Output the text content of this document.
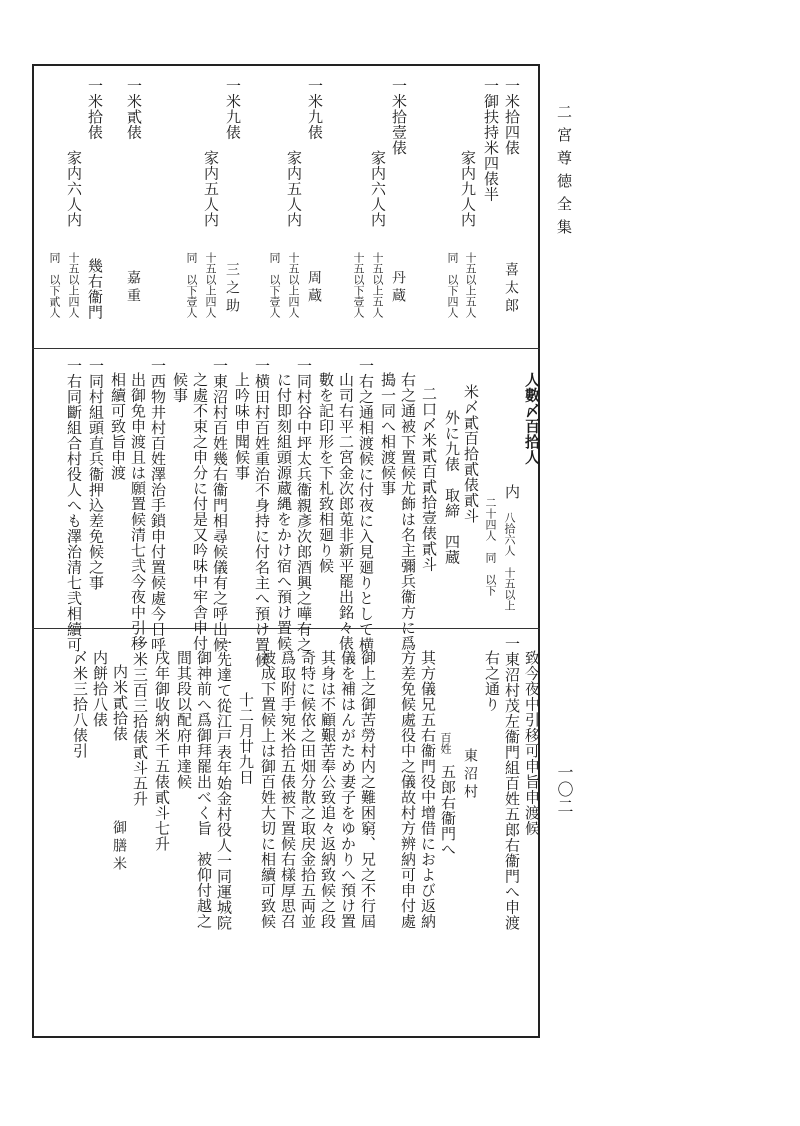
二宮尊徳全集
一〇二
一米拾四俵
一御扶持米四俵半
家内九人内
喜太郎
十五以上五人
同　以下四人
一米拾壹俵
家内六人内
丹蔵
十五以上五人
十五以下壹人
一米九俵
家内五人内
周蔵
十五以上四人
同　以下壹人
一米九俵
家内五人内
三之助
十五以上四人
同　以下壹人
一米貳俵
嘉重
一米拾俵
家内六人内
幾右衞門
十五以上四人
同　以下貳人
人數〆百拾人
内
八拾六人　十五以上
二十四人　同　以下
米〆貳百拾貳俵貳斗
外に九俵　取締　四蔵
二口〆米貳百貳拾壹俵貳斗
右之通被下置候尤飾は名主彌兵衞方に爲
搗一同へ相渡候事
一右之通相渡候に付夜に入見廻りとして横
山司右平二宮金次郎莵非新平罷出銘々俵
數を記印形を下札致相廻り候
一同村谷中坪太兵衞親彥次郎酒興之嘩有之
に付即刻組頭源蔵縄をかけ宿へ預け置候
一横田村百姓重治不身持に付名主へ預け置候
上吟味申聞候事
一東沼村百姓幾右衞門相尋候儀有之呼出候
之處不束之申分に付是又吟味中牢舎申付
候事
一西物井村百姓澤治手鎖申付置候處今日呼
出御免申渡且は願置候清七弐今夜中引移
相續可致旨申渡
一同村組頭直兵衞押込差免候之事
一右同斷組合村役人へも澤治清七弐相續可
致今夜中引移可申旨申渡候
一東沼村茂左衞門組百姓五郎右衞門へ申渡
右之通り
東沼村
百姓
五郎右衞門へ
其方儀兄五右衞門役中增借におよび返納
方差免候處役中之儀故村方辨納可申付處
御上之御苦勞村内之難困窮、兄之不行屆
儀を補はんがため妻子をゆかりへ預け置
其身は不顧艱苦奉公致追々返納致候之段
奇特に候依之田畑分散之取戻金拾五両並
爲取附手宛米拾五俵被下置候右樣厚思召
被成下置候上は御百姓大切に相續可致候
十二月廿九日
一先達て從江戸表年始金村役人一同運城院
御神前へ爲御拜罷出べく旨　被仰付越之
間其段以配府申達候
戌年御收納米千五俵貳斗七升
一米三百三拾俵貳斗五升
御膳米
内米貳拾俵
内餅拾八俵
〆米三拾八俵引
